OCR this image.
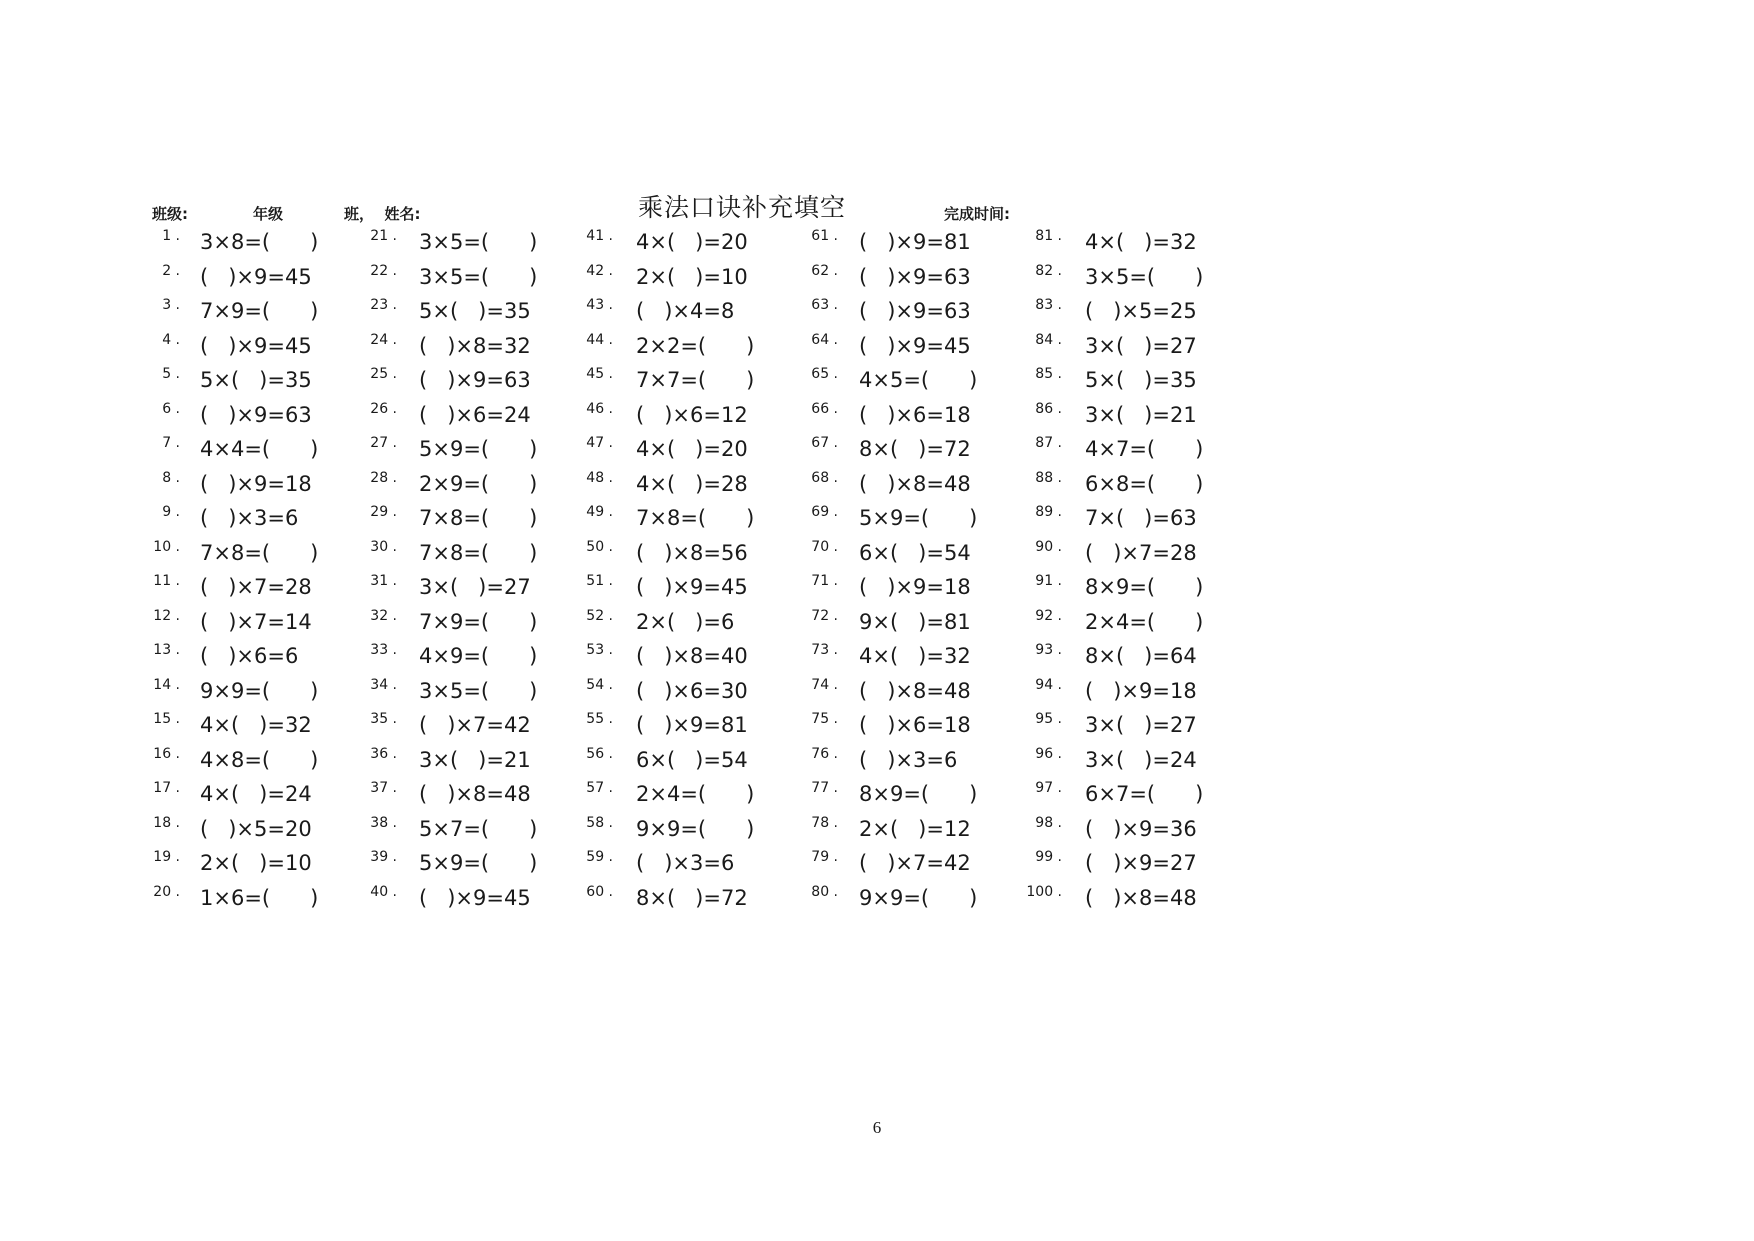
班级:	年级	班，  姓名:	乘法口诀补充填空	完成时间:
1 . 3×8=(      )
2 . (   )×9=45
3 . 7×9=(      )
4 . (   )×9=45
5 . 5×(   )=35
6 . (   )×9=63
7 . 4×4=(      )
8 . (   )×9=18
9 . (   )×3=6
10 . 7×8=(      )
11 . (   )×7=28
12 . (   )×7=14
13 . (   )×6=6
14 . 9×9=(      )
15 . 4×(   )=32
16 . 4×8=(      )
17 . 4×(   )=24
18 . (   )×5=20
19 . 2×(   )=10
20 . 1×6=(      )
21 . 3×5=(      )
22 . 3×5=(      )
23 . 5×(   )=35
24 . (   )×8=32
25 . (   )×9=63
26 . (   )×6=24
27 . 5×9=(      )
28 . 2×9=(      )
29 . 7×8=(      )
30 . 7×8=(      )
31 . 3×(   )=27
32 . 7×9=(      )
33 . 4×9=(      )
34 . 3×5=(      )
35 . (   )×7=42
36 . 3×(   )=21
37 . (   )×8=48
38 . 5×7=(      )
39 . 5×9=(      )
40 . (   )×9=45
41 . 4×(   )=20
42 . 2×(   )=10
43 . (   )×4=8
44 . 2×2=(      )
45 . 7×7=(      )
46 . (   )×6=12
47 . 4×(   )=20
48 . 4×(   )=28
49 . 7×8=(      )
50 . (   )×8=56
51 . (   )×9=45
52 . 2×(   )=6
53 . (   )×8=40
54 . (   )×6=30
55 . (   )×9=81
56 . 6×(   )=54
57 . 2×4=(      )
58 . 9×9=(      )
59 . (   )×3=6
60 . 8×(   )=72
61 . (   )×9=81
62 . (   )×9=63
63 . (   )×9=63
64 . (   )×9=45
65 . 4×5=(      )
66 . (   )×6=18
67 . 8×(   )=72
68 . (   )×8=48
69 . 5×9=(      )
70 . 6×(   )=54
71 . (   )×9=18
72 . 9×(   )=81
73 . 4×(   )=32
74 . (   )×8=48
75 . (   )×6=18
76 . (   )×3=6
77 . 8×9=(      )
78 . 2×(   )=12
79 . (   )×7=42
80 . 9×9=(      )
81 . 4×(   )=32
82 . 3×5=(      )
83 . (   )×5=25
84 . 3×(   )=27
85 . 5×(   )=35
86 . 3×(   )=21
87 . 4×7=(      )
88 . 6×8=(      )
89 . 7×(   )=63
90 . (   )×7=28
91 . 8×9=(      )
92 . 2×4=(      )
93 . 8×(   )=64
94 . (   )×9=18
95 . 3×(   )=27
96 . 3×(   )=24
97 . 6×7=(      )
98 . (   )×9=36
99 . (   )×9=27
100 . (   )×8=48
6
